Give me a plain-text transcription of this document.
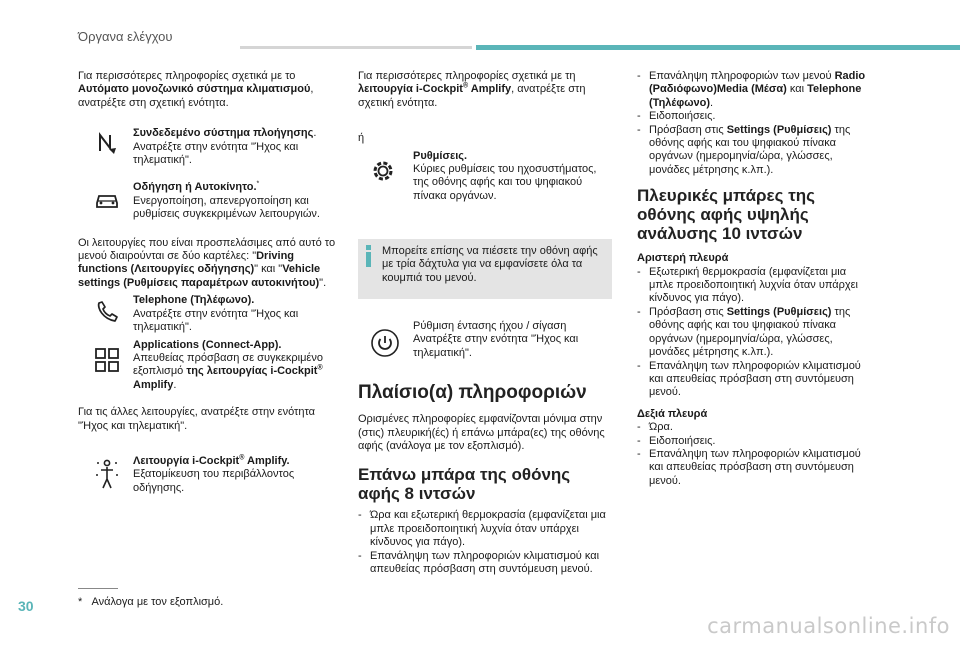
Όργανα ελέγχου
30

Για περισσότερες πληροφορίες σχετικά με το Αυτόματο μονοζωνικό σύστημα κλιματισμού, ανατρέξτε στη σχετική ενότητα.

Συνδεδεμένο σύστημα πλοήγησης.

Ανατρέξτε στην ενότητα "Ήχος και τηλεματική".

Οδήγηση ή Αυτοκίνητο.*

Ενεργοποίηση, απενεργοποίηση και ρυθμίσεις συγκεκριμένων λειτουργιών.

Οι λειτουργίες που είναι προσπελάσιμες από αυτό το μενού διαιρούνται σε δύο καρτέλες: "Driving functions (Λειτουργίες οδήγησης)" και "Vehicle settings (Ρυθμίσεις παραμέτρων αυτοκινήτου)".

Telephone (Τηλέφωνο).

Ανατρέξτε στην ενότητα "Ήχος και τηλεματική".

Applications (Connect-App).

Απευθείας πρόσβαση σε συγκεκριμένο εξοπλισμό της λειτουργίας i-Cockpit® Amplify.

Για τις άλλες λειτουργίες, ανατρέξτε στην ενότητα "Ήχος και τηλεματική".

Λειτουργία i-Cockpit® Amplify.

Εξατομίκευση του περιβάλλοντος οδήγησης.

* Ανάλογα με τον εξοπλισμό.

Για περισσότερες πληροφορίες σχετικά με τη λειτουργία i-Cockpit® Amplify, ανατρέξτε στη σχετική ενότητα.

ή

Ρυθμίσεις.

Κύριες ρυθμίσεις του ηχοσυστήματος, της οθόνης αφής και του ψηφιακού πίνακα οργάνων.

Μπορείτε επίσης να πιέσετε την οθόνη αφής με τρία δάχτυλα για να εμφανίσετε όλα τα κουμπιά του μενού.

Ρύθμιση έντασης ήχου / σίγαση

Ανατρέξτε στην ενότητα "Ήχος και τηλεματική".

Πλαίσιο(α) πληροφοριών

Ορισμένες πληροφορίες εμφανίζονται μόνιμα στην (στις) πλευρική(ές) ή επάνω μπάρα(ες) της οθόνης αφής (ανάλογα με τον εξοπλισμό).

Επάνω μπάρα της οθόνης αφής 8 ιντσών

- Ώρα και εξωτερική θερμοκρασία (εμφανίζεται μια μπλε προειδοποιητική λυχνία όταν υπάρχει κίνδυνος για πάγο).

- Επανάληψη των πληροφοριών κλιματισμού και απευθείας πρόσβαση στη συντόμευση μενού.

- Επανάληψη πληροφοριών των μενού Radio (Ραδιόφωνο)Media (Μέσα) και Telephone (Τηλέφωνο).

- Ειδοποιήσεις.

- Πρόσβαση στις Settings (Ρυθμίσεις) της οθόνης αφής και του ψηφιακού πίνακα οργάνων (ημερομηνία/ώρα, γλώσσες, μονάδες μέτρησης κ.λπ.).

Πλευρικές μπάρες της οθόνης αφής υψηλής ανάλυσης 10 ιντσών

Αριστερή πλευρά

- Εξωτερική θερμοκρασία (εμφανίζεται μια μπλε προειδοποιητική λυχνία όταν υπάρχει κίνδυνος για πάγο).

- Πρόσβαση στις Settings (Ρυθμίσεις) της οθόνης αφής και του ψηφιακού πίνακα οργάνων (ημερομηνία/ώρα, γλώσσες, μονάδες μέτρησης κ.λπ.).

- Επανάληψη των πληροφοριών κλιματισμού και απευθείας πρόσβαση στη συντόμευση μενού.

Δεξιά πλευρά

- Ώρα.

- Ειδοποιήσεις.

- Επανάληψη των πληροφοριών κλιματισμού και απευθείας πρόσβαση στη συντόμευση μενού.

carmanualsonline.info
